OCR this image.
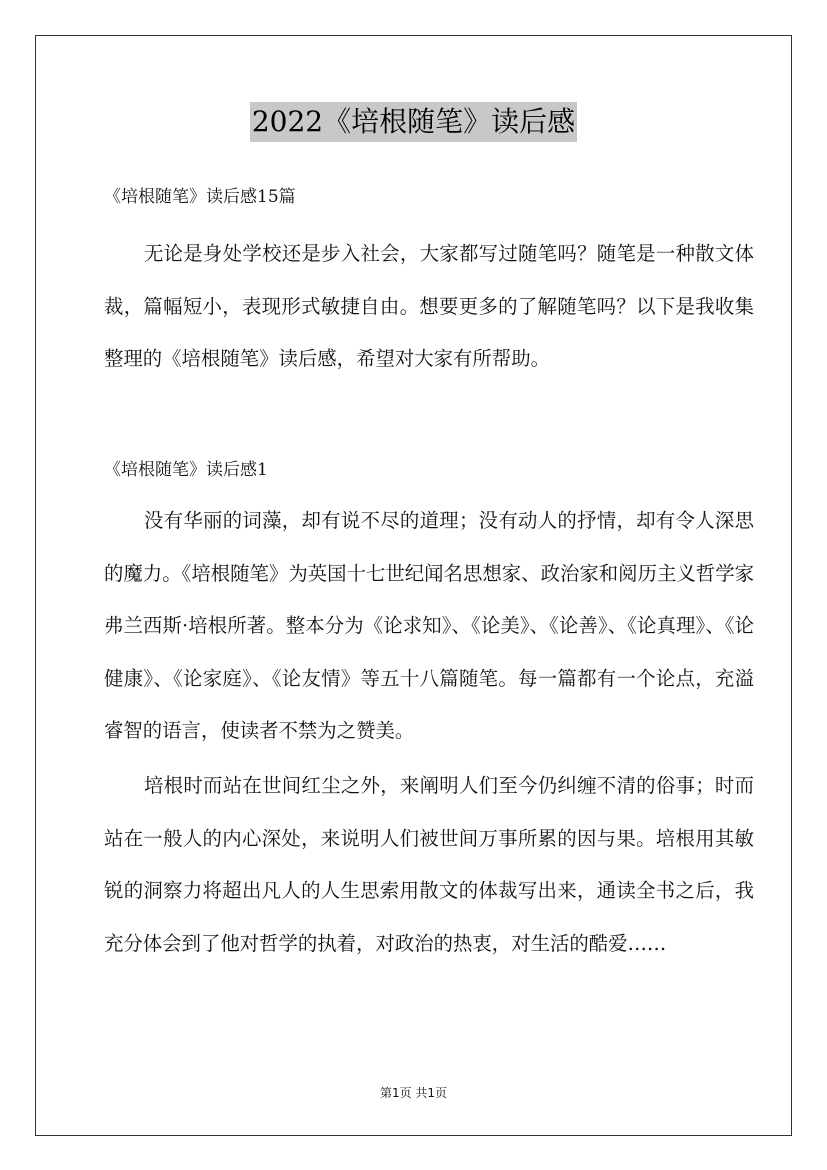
2022《培根随笔》读后感
《培根随笔》读后感15篇

无论是身处学校还是步入社会，大家都写过随笔吗？随笔是一种散文体裁，篇幅短小，表现形式敏捷自由。想要更多的了解随笔吗？以下是我收集整理的《培根随笔》读后感，希望对大家有所帮助。

《培根随笔》读后感1

没有华丽的词藻，却有说不尽的道理；没有动人的抒情，却有令人深思的魔力。《培根随笔》为英国十七世纪闻名思想家、政治家和阅历主义哲学家弗兰西斯·培根所著。整本分为《论求知》、《论美》、《论善》、《论真理》、《论健康》、《论家庭》、《论友情》等五十八篇随笔。每一篇都有一个论点，充溢睿智的语言，使读者不禁为之赞美。

培根时而站在世间红尘之外，来阐明人们至今仍纠缠不清的俗事；时而站在一般人的内心深处，来说明人们被世间万事所累的因与果。培根用其敏锐的洞察力将超出凡人的人生思索用散文的体裁写出来，通读全书之后，我充分体会到了他对哲学的执着，对政治的热衷，对生活的酷爱……

第1页 共1页
